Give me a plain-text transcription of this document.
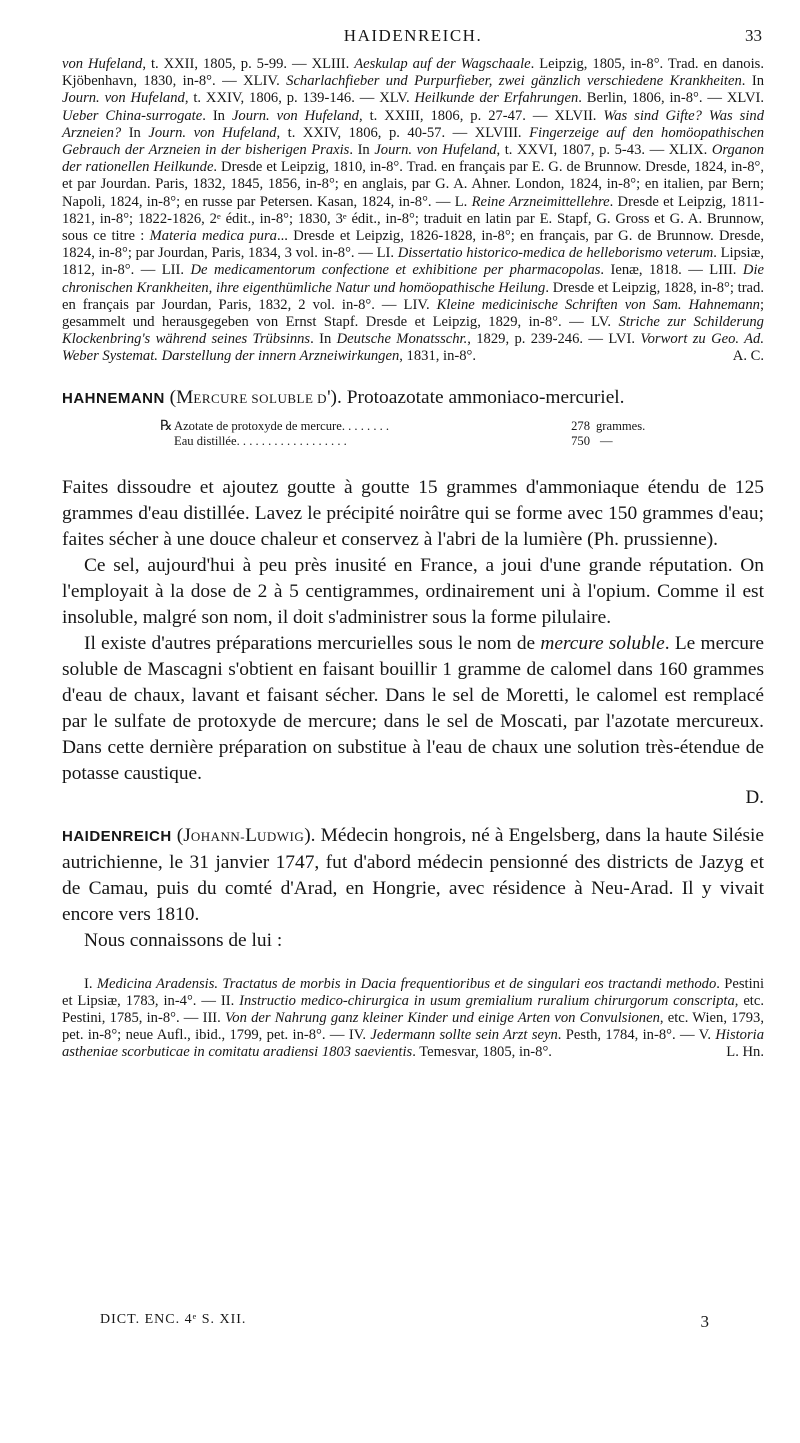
HAIDENREICH.	33

von Hufeland, t. XXII, 1805, p. 5-99. — XLIII. Aeskulap auf der Wagschaale. Leipzig, 1805, in-8°. Trad. en danois. Kjöbenhavn, 1830, in-8°. — XLIV. Scharlachfieber und Purpurfieber, zwei gänzlich verschiedene Krankheiten. In Journ. von Hufeland, t. XXIV, 1806, p. 139-146. — XLV. Heilkunde der Erfahrungen. Berlin, 1806, in-8°. — XLVI. Ueber China-surrogate. In Journ. von Hufeland, t. XXIII, 1806, p. 27-47. — XLVII. Was sind Gifte? Was sind Arzneien? In Journ. von Hufeland, t. XXIV, 1806, p. 40-57. — XLVIII. Fingerzeige auf den homöopathischen Gebrauch der Arzneien in der bisherigen Praxis. In Journ. von Hufeland, t. XXVI, 1807, p. 5-43. — XLIX. Organon der rationellen Heilkunde. Dresde et Leipzig, 1810, in-8°. Trad. en français par E. G. de Brunnow. Dresde, 1824, in-8°, et par Jourdan. Paris, 1832, 1845, 1856, in-8°; en anglais, par G. A. Ahner. London, 1824, in-8°; en italien, par Bern; Napoli, 1824, in-8°; en russe par Petersen. Kasan, 1824, in-8°. — L. Reine Arzneimittellehre. Dresde et Leipzig, 1811-1821, in-8°; 1822-1826, 2ᵉ édit., in-8°; 1830, 3ᵉ édit., in-8°; traduit en latin par E. Stapf, G. Gross et G. A. Brunnow, sous ce titre : Materia medica pura... Dresde et Leipzig, 1826-1828, in-8°; en français, par G. de Brunnow. Dresde, 1824, in-8°; par Jourdan, Paris, 1834, 3 vol. in-8°. — LI. Dissertatio historico-medica de helleborismo veterum. Lipsiæ, 1812, in-8°. — LII. De medicamentorum confectione et exhibitione per pharmacopolas. Ienæ, 1818. — LIII. Die chronischen Krankheiten, ihre eigenthümliche Natur und homöopathische Heilung. Dresde et Leipzig, 1828, in-8°; trad. en français par Jourdan, Paris, 1832, 2 vol. in-8°. — LIV. Kleine medicinische Schriften von Sam. Hahnemann; gesammelt und herausgegeben von Ernst Stapf. Dresde et Leipzig, 1829, in-8°. — LV. Striche zur Schilderung Klockenbring's während seines Trübsinns. In Deutsche Monatsschr., 1829, p. 239-246. — LVI. Vorwort zu Geo. Ad. Weber Systemat. Darstellung der innern Arzneiwirkungen, 1831, in-8°.	A. C.

HAHNEMANN (MERCURE SOLUBLE D'). Protoazotate ammoniaco-mercuriel.

℞ Azotate de protoxyde de mercure. . . . . . . .	278 grammes.
Eau distillée. . . . . . . . . . . . . . . . . .	750 —

Faites dissoudre et ajoutez goutte à goutte 15 grammes d'ammoniaque étendu de 125 grammes d'eau distillée. Lavez le précipité noirâtre qui se forme avec 150 grammes d'eau; faites sécher à une douce chaleur et conservez à l'abri de la lumière (Ph. prussienne).

Ce sel, aujourd'hui à peu près inusité en France, a joui d'une grande réputation. On l'employait à la dose de 2 à 5 centigrammes, ordinairement uni à l'opium. Comme il est insoluble, malgré son nom, il doit s'administrer sous la forme pilulaire.

Il existe d'autres préparations mercurielles sous le nom de mercure soluble. Le mercure soluble de Mascagni s'obtient en faisant bouillir 1 gramme de calomel dans 160 grammes d'eau de chaux, lavant et faisant sécher. Dans le sel de Moretti, le calomel est remplacé par le sulfate de protoxyde de mercure; dans le sel de Moscati, par l'azotate mercureux. Dans cette dernière préparation on substitue à l'eau de chaux une solution très-étendue de potasse caustique.

D.

HAIDENREICH (JOHANN-LUDWIG). Médecin hongrois, né à Engelsberg, dans la haute Silésie autrichienne, le 31 janvier 1747, fut d'abord médecin pensionné des districts de Jazyg et de Camau, puis du comté d'Arad, en Hongrie, avec résidence à Neu-Arad. Il y vivait encore vers 1810.

Nous connaissons de lui :

I. Medicina Aradensis. Tractatus de morbis in Dacia frequentioribus et de singulari eos tractandi methodo. Pestini et Lipsiæ, 1783, in-4°. — II. Instructio medico-chirurgica in usum gremialium ruralium chirurgorum conscripta, etc. Pestini, 1785, in-8°. — III. Von der Nahrung ganz kleiner Kinder und einige Arten von Convulsionen, etc. Wien, 1793, pet. in-8°; neue Aufl., ibid., 1799, pet. in-8°. — IV. Jedermann sollte sein Arzt seyn. Pesth, 1784, in-8°. — V. Historia astheniae scorbuticae in comitatu aradiensi 1803 saevientis. Temesvar, 1805, in-8°.	L. Hn.

DICT. ENC. 4ᵉ S. XII.	3
